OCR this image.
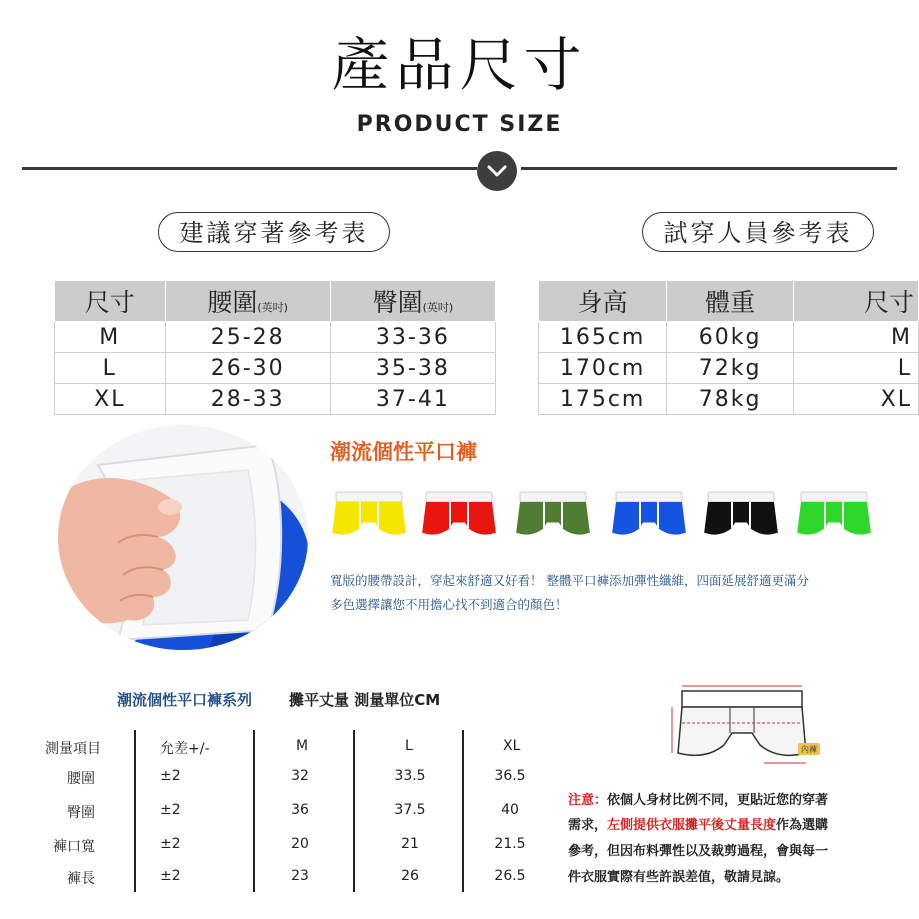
產品尺寸
PRODUCT SIZE
建議穿著參考表	試穿人員參考表
尺寸	腰圍(英吋)	臀圍(英吋)
M	25-28	33-36
L	26-30	35-38
XL	28-33	37-41
身高	體重	尺寸
165cm	60kg	M
170cm	72kg	L
175cm	78kg	XL
潮流個性平口褲
寬版的腰帶設計，穿起來舒適又好看！ 整體平口褲添加彈性纖維，四面延展舒適更滿分
多色選擇讓您不用擔心找不到適合的顏色！
潮流個性平口褲系列 攤平丈量 測量單位CM
測量項目	允差+/-	M	L	XL
腰圍	±2	32	33.5	36.5
臀圍	±2	36	37.5	40
褲口寬	±2	20	21	21.5
褲長	±2	23	26	26.5
內褲
注意：依個人身材比例不同，更貼近您的穿著
需求，左側提供衣服攤平後丈量長度作為選購
參考，但因布料彈性以及裁剪過程，會與每一
件衣服實際有些許誤差值，敬請見諒。
